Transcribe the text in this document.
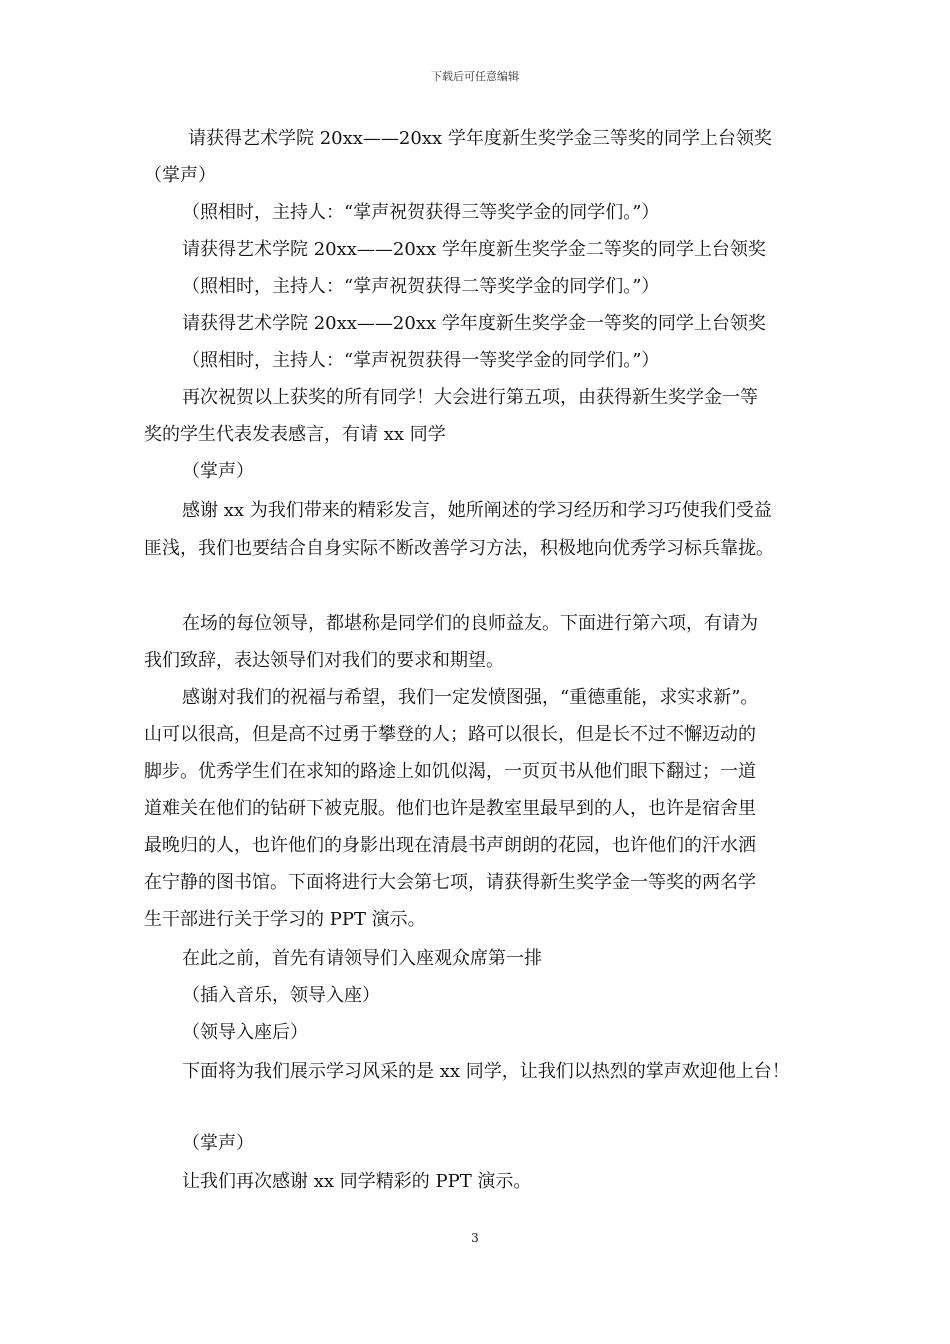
下载后可任意编辑
请获得艺术学院 20xx——20xx 学年度新生奖学金三等奖的同学上台领奖
（掌声）
（照相时，主持人：“掌声祝贺获得三等奖学金的同学们。”）
请获得艺术学院 20xx——20xx 学年度新生奖学金二等奖的同学上台领奖
（照相时，主持人：“掌声祝贺获得二等奖学金的同学们。”）
请获得艺术学院 20xx——20xx 学年度新生奖学金一等奖的同学上台领奖
（照相时，主持人：“掌声祝贺获得一等奖学金的同学们。”）
再次祝贺以上获奖的所有同学！大会进行第五项，由获得新生奖学金一等
奖的学生代表发表感言，有请 xx 同学
（掌声）
感谢 xx 为我们带来的精彩发言，她所阐述的学习经历和学习巧使我们受益
匪浅，我们也要结合自身实际不断改善学习方法，积极地向优秀学习标兵靠拢。
在场的每位领导，都堪称是同学们的良师益友。下面进行第六项，有请为
我们致辞，表达领导们对我们的要求和期望。
感谢对我们的祝福与希望，我们一定发愤图强，“重德重能，求实求新”。
山可以很高，但是高不过勇于攀登的人；路可以很长，但是长不过不懈迈动的
脚步。优秀学生们在求知的路途上如饥似渴，一页页书从他们眼下翻过；一道
道难关在他们的钻研下被克服。他们也许是教室里最早到的人，也许是宿舍里
最晚归的人，也许他们的身影出现在清晨书声朗朗的花园，也许他们的汗水洒
在宁静的图书馆。下面将进行大会第七项，请获得新生奖学金一等奖的两名学
生干部进行关于学习的 PPT 演示。
在此之前，首先有请领导们入座观众席第一排
（插入音乐，领导入座）
（领导入座后）
下面将为我们展示学习风采的是 xx 同学，让我们以热烈的掌声欢迎他上台！
（掌声）
让我们再次感谢 xx 同学精彩的 PPT 演示。
3
